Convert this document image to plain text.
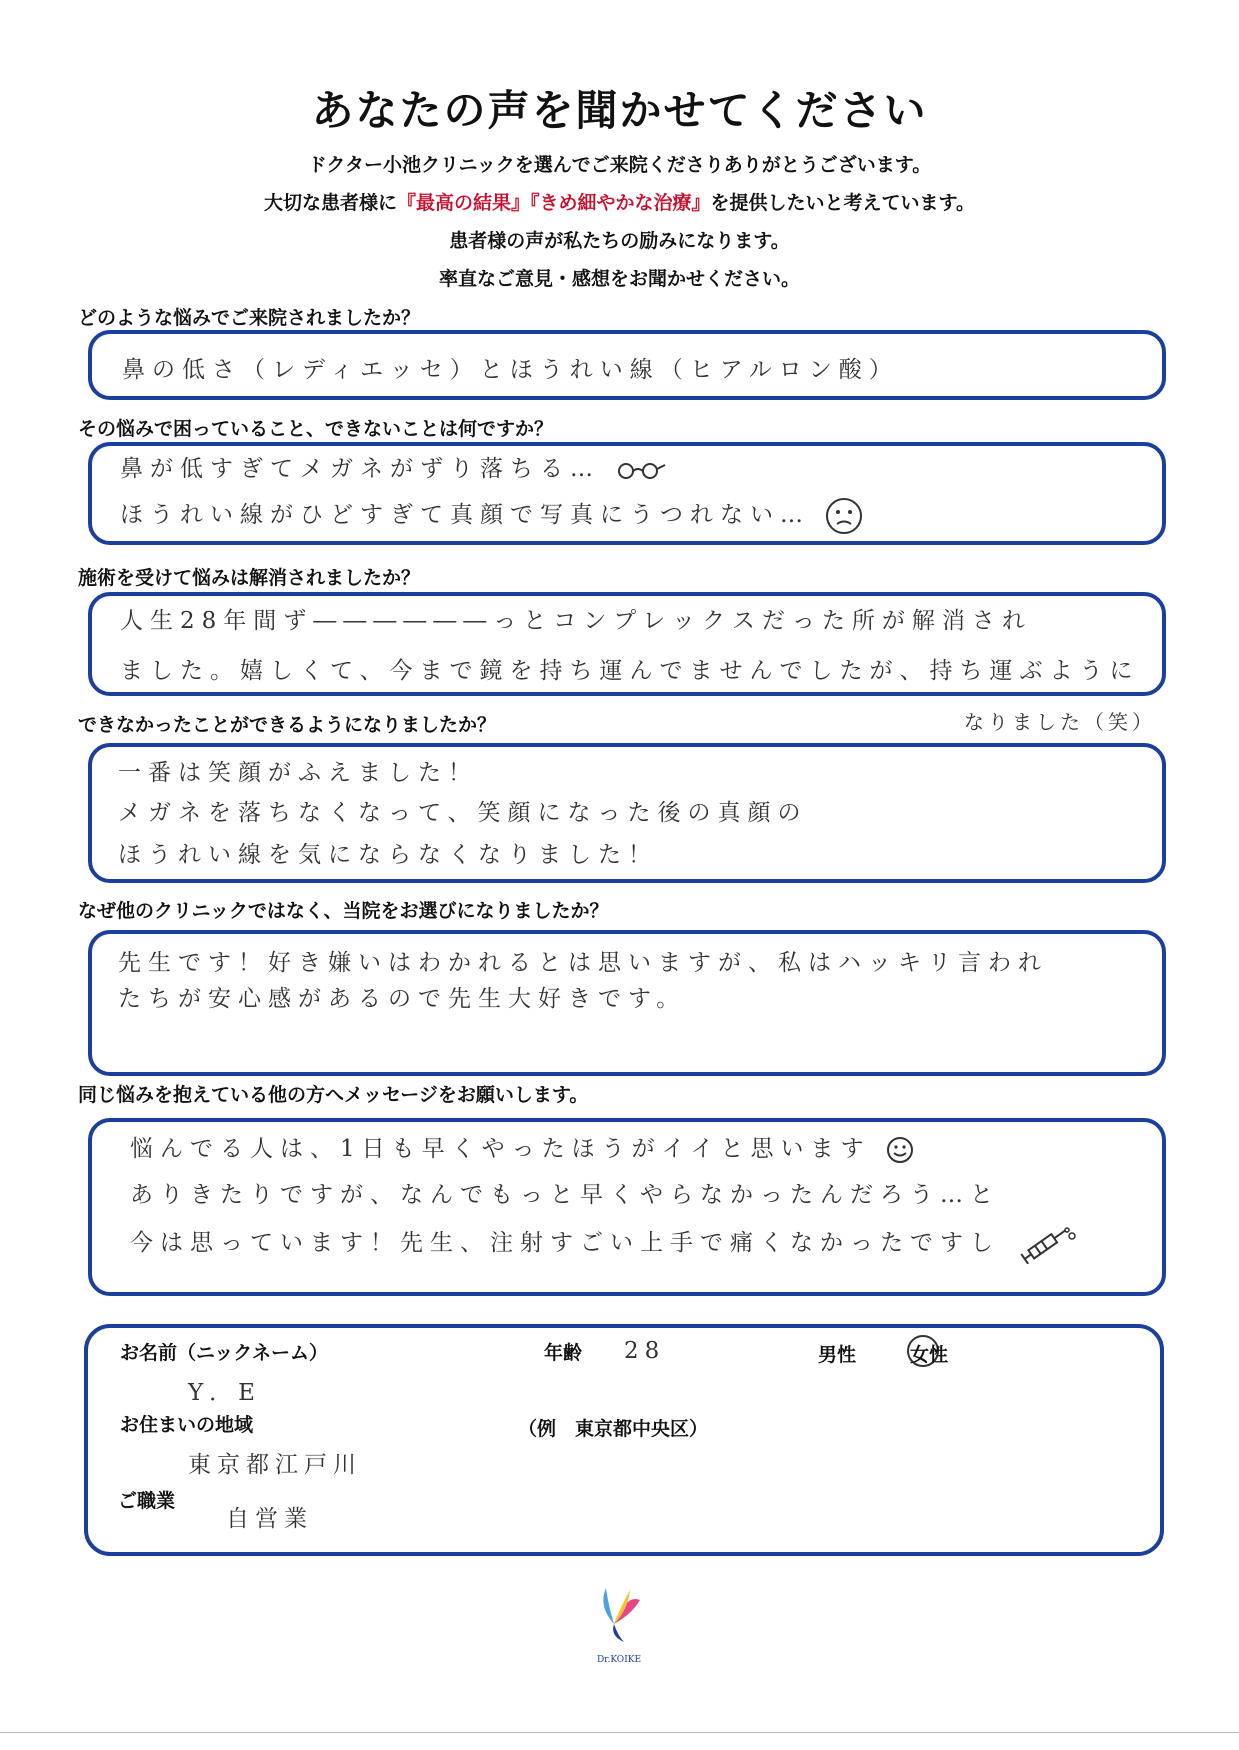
あなたの声を聞かせてください
ドクター小池クリニックを選んでご来院くださりありがとうございます。
大切な患者様に『最高の結果』『きめ細やかな治療』を提供したいと考えています。
患者様の声が私たちの励みになります。
率直なご意見・感想をお聞かせください。
どのような悩みでご来院されましたか？
鼻の低さ（レディエッセ）とほうれい線（ヒアルロン酸）
その悩みで困っていること、できないことは何ですか？
鼻が低すぎてメガネがずり落ちる…
ほうれい線がひどすぎて真顔で写真にうつれない…
施術を受けて悩みは解消されましたか？
人生28年間ず――――――っとコンプレックスだった所が解消され
ました。嬉しくて、今まで鏡を持ち運んでませんでしたが、持ち運ぶように
なりました（笑）
できなかったことができるようになりましたか？
一番は笑顔がふえました！
メガネを落ちなくなって、笑顔になった後の真顔の
ほうれい線を気にならなくなりました！
なぜ他のクリニックではなく、当院をお選びになりましたか？
先生です！好き嫌いはわかれるとは思いますが、私はハッキリ言われ
たちが安心感があるので先生大好きです。
同じ悩みを抱えている他の方へメッセージをお願いします。
悩んでる人は、1日も早くやったほうがイイと思います
ありきたりですが、なんでもっと早くやらなかったんだろう…と
今は思っています！先生、注射すごい上手で痛くなかったですし
お名前（ニックネーム）
Y．E
年齢 28	男性	女性
お住まいの地域	（例　東京都中央区）
東京都江戸川
ご職業
自営業
Dr.KOIKE
